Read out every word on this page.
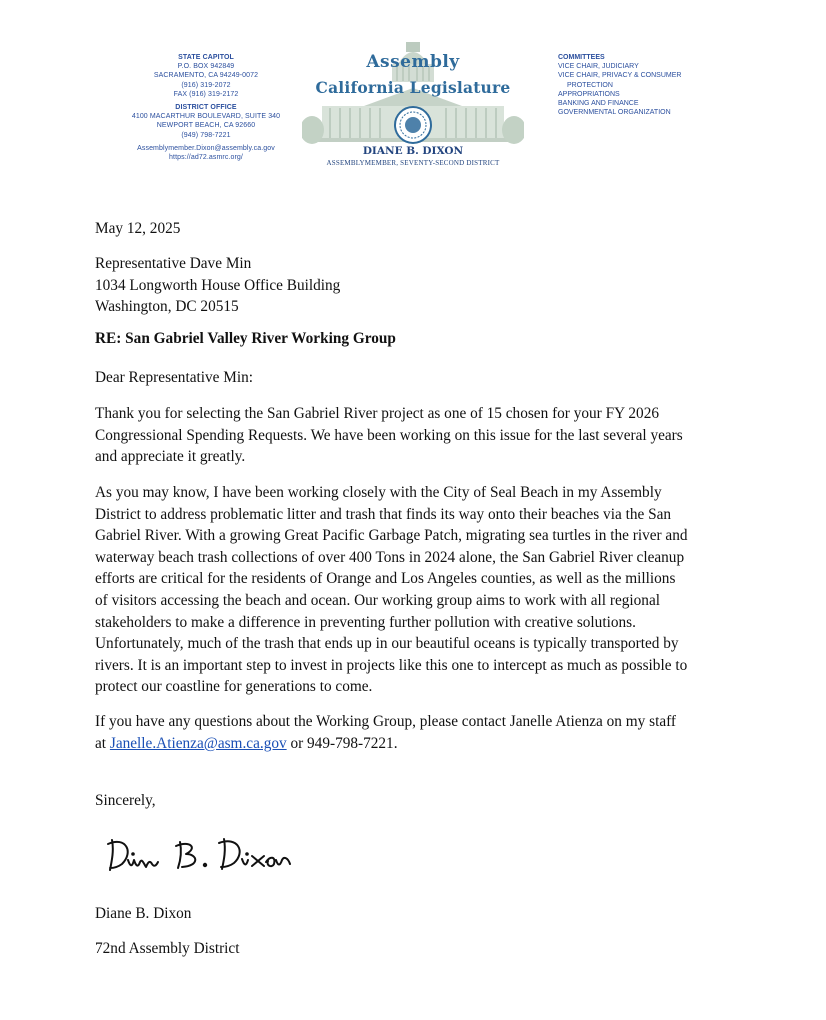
STATE CAPITOL
P.O. BOX 942849
SACRAMENTO, CA 94249-0072
(916) 319-2072
FAX (916) 319-2172
DISTRICT OFFICE
4100 MACARTHUR BOULEVARD, SUITE 340
NEWPORT BEACH, CA 92660
(949) 798-7221
Assemblymember.Dixon@assembly.ca.gov
https://ad72.asmrc.org/
Assembly
California Legislature
DIANE B. DIXON
ASSEMBLYMEMBER, SEVENTY-SECOND DISTRICT
COMMITTEES
VICE CHAIR, JUDICIARY
VICE CHAIR, PRIVACY & CONSUMER
PROTECTION
APPROPRIATIONS
BANKING AND FINANCE
GOVERNMENTAL ORGANIZATION
May 12, 2025
Representative Dave Min
1034 Longworth House Office Building
Washington, DC 20515
RE: San Gabriel Valley River Working Group
Dear Representative Min:
Thank you for selecting the San Gabriel River project as one of 15 chosen for your FY 2026
Congressional Spending Requests. We have been working on this issue for the last several years
and appreciate it greatly.
As you may know, I have been working closely with the City of Seal Beach in my Assembly
District to address problematic litter and trash that finds its way onto their beaches via the San
Gabriel River. With a growing Great Pacific Garbage Patch, migrating sea turtles in the river and
waterway beach trash collections of over 400 Tons in 2024 alone, the San Gabriel River cleanup
efforts are critical for the residents of Orange and Los Angeles counties, as well as the millions
of visitors accessing the beach and ocean. Our working group aims to work with all regional
stakeholders to make a difference in preventing further pollution with creative solutions.
Unfortunately, much of the trash that ends up in our beautiful oceans is typically transported by
rivers. It is an important step to invest in projects like this one to intercept as much as possible to
protect our coastline for generations to come.
If you have any questions about the Working Group, please contact Janelle Atienza on my staff
at Janelle.Atienza@asm.ca.gov or 949-798-7221.
Sincerely,
Diane B. Dixon
72nd Assembly District
